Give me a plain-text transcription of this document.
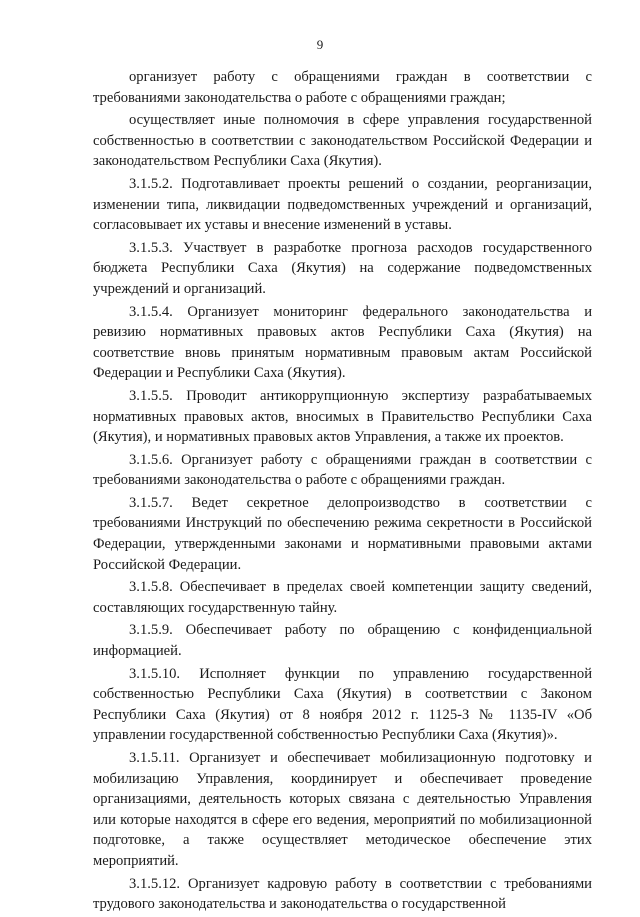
9

организует работу с обращениями граждан в соответствии с требованиями законодательства о работе с обращениями граждан;

осуществляет иные полномочия в сфере управления государственной собственностью в соответствии с законодательством Российской Федерации и законодательством Республики Саха (Якутия).

3.1.5.2. Подготавливает проекты решений о создании, реорганизации, изменении типа, ликвидации подведомственных учреждений и организаций, согласовывает их уставы и внесение изменений в уставы.

3.1.5.3. Участвует в разработке прогноза расходов государственного бюджета Республики Саха (Якутия) на содержание подведомственных учреждений и организаций.

3.1.5.4. Организует мониторинг федерального законодательства и ревизию нормативных правовых актов Республики Саха (Якутия) на соответствие вновь принятым нормативным правовым актам Российской Федерации и Республики Саха (Якутия).

3.1.5.5. Проводит антикоррупционную экспертизу разрабатываемых нормативных правовых актов, вносимых в Правительство Республики Саха (Якутия), и нормативных правовых актов Управления, а также их проектов.

3.1.5.6. Организует работу с обращениями граждан в соответствии с требованиями законодательства о работе с обращениями граждан.

3.1.5.7. Ведет секретное делопроизводство в соответствии с требованиями Инструкций по обеспечению режима секретности в Российской Федерации, утвержденными законами и нормативными правовыми актами Российской Федерации.

3.1.5.8. Обеспечивает в пределах своей компетенции защиту сведений, составляющих государственную тайну.

3.1.5.9. Обеспечивает работу по обращению с конфиденциальной информацией.

3.1.5.10. Исполняет функции по управлению государственной собственностью Республики Саха (Якутия) в соответствии с Законом Республики Саха (Якутия) от 8 ноября 2012 г. 1125-З № 1135-IV «Об управлении государственной собственностью Республики Саха (Якутия)».

3.1.5.11. Организует и обеспечивает мобилизационную подготовку и мобилизацию Управления, координирует и обеспечивает проведение организациями, деятельность которых связана с деятельностью Управления или которые находятся в сфере его ведения, мероприятий по мобилизационной подготовке, а также осуществляет методическое обеспечение этих мероприятий.

3.1.5.12. Организует кадровую работу в соответствии с требованиями трудового законодательства и законодательства о государственной
